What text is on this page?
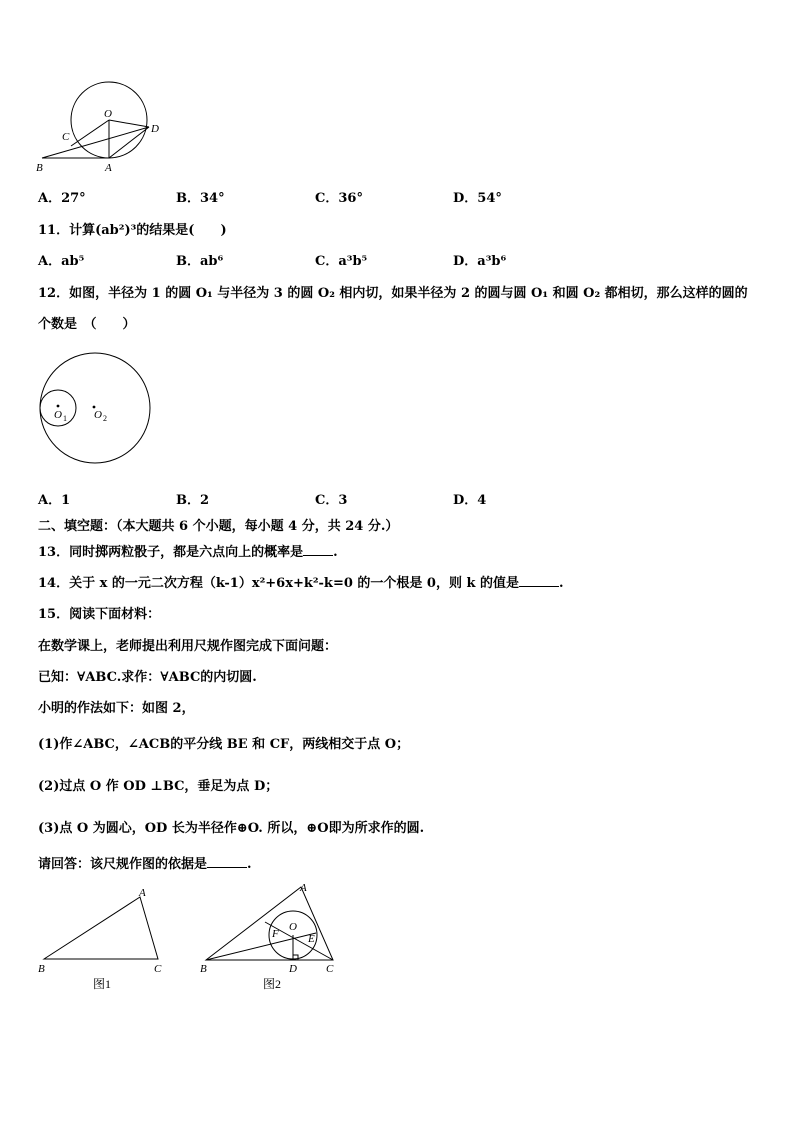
O
C
D
B	A
A．27°	B．34°	C．36°	D．54°
11．计算(ab²)³的结果是(　　)
A．ab⁵	B．ab⁶	C．a³b⁵	D．a³b⁶
12．如图，半径为 1 的圆 O₁ 与半径为 3 的圆 O₂ 相内切，如果半径为 2 的圆与圆 O₁ 和圆 O₂ 都相切，那么这样的圆的
个数是　（　　）
O 1 O 2
A．1	B．2	C．3	D．4
二、填空题：（本大题共 6 个小题，每小题 4 分，共 24 分.）
13．同时掷两粒骰子，都是六点向上的概率是 .
14．关于 x 的一元二次方程（k-1）x²+6x+k²-k=0 的一个根是 0，则 k 的值是	.
15．阅读下面材料：
在数学课上，老师提出利用尺规作图完成下面问题：
已知：∀ABC.求作：∀ABC的内切圆.
小明的作法如下：如图 2，
(1)作∠ABC，∠ACB的平分线 BE 和 CF，两线相交于点 O；
(2)过点 O 作 OD ⊥BC，垂足为点 D；
(3)点 O 为圆心，OD 长为半径作⊕O. 所以，⊕O即为所求作的圆.
请回答：该尺规作图的依据是	.
A
B	C
图1
A
B	C
D
E
F
O
图2
